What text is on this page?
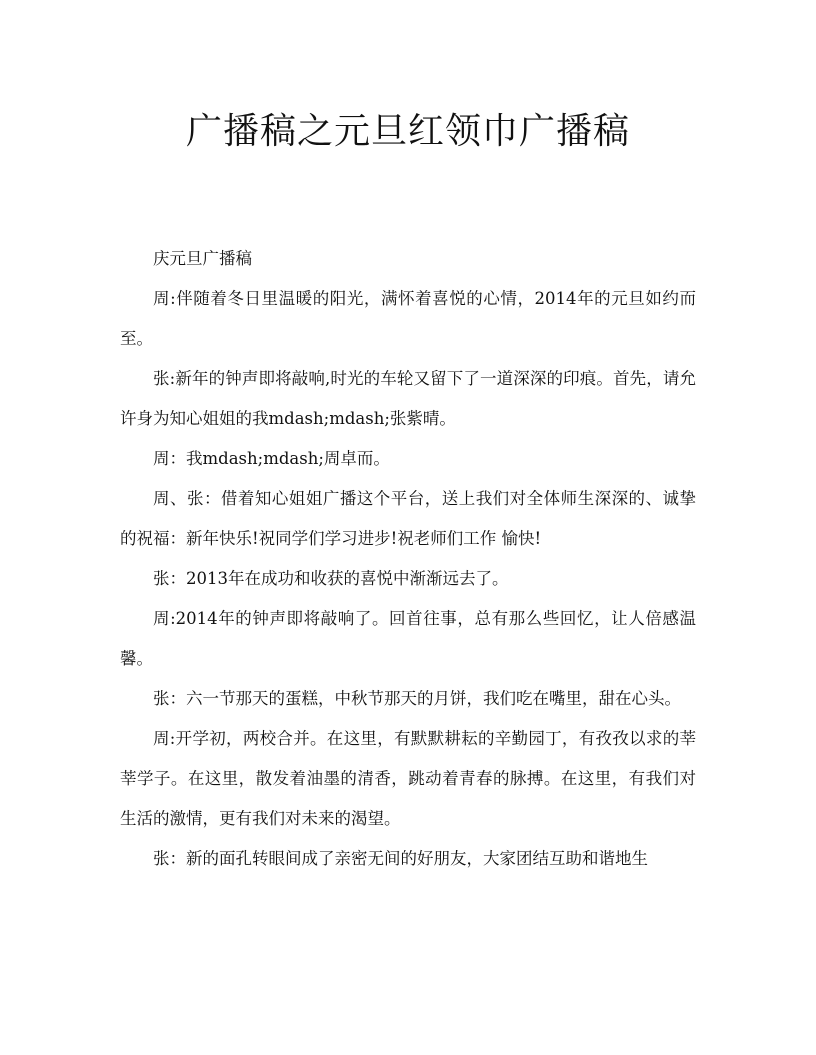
广播稿之元旦红领巾广播稿

庆元旦广播稿

周:伴随着冬日里温暖的阳光，满怀着喜悦的心情，2014年的元旦如约而至。

张:新年的钟声即将敲响,时光的车轮又留下了一道深深的印痕。首先，请允许身为知心姐姐的我mdash;mdash;张紫晴。

周：我mdash;mdash;周卓而。

周、张：借着知心姐姐广播这个平台，送上我们对全体师生深深的、诚挚的祝福：新年快乐!祝同学们学习进步!祝老师们工作 愉快!

张：2013年在成功和收获的喜悦中渐渐远去了。

周:2014年的钟声即将敲响了。回首往事，总有那么些回忆，让人倍感温馨。

张：六一节那天的蛋糕，中秋节那天的月饼，我们吃在嘴里，甜在心头。

周:开学初，两校合并。在这里，有默默耕耘的辛勤园丁，有孜孜以求的莘莘学子。在这里，散发着油墨的清香，跳动着青春的脉搏。在这里，有我们对生活的激情，更有我们对未来的渴望。

张：新的面孔转眼间成了亲密无间的好朋友，大家团结互助和谐地生
